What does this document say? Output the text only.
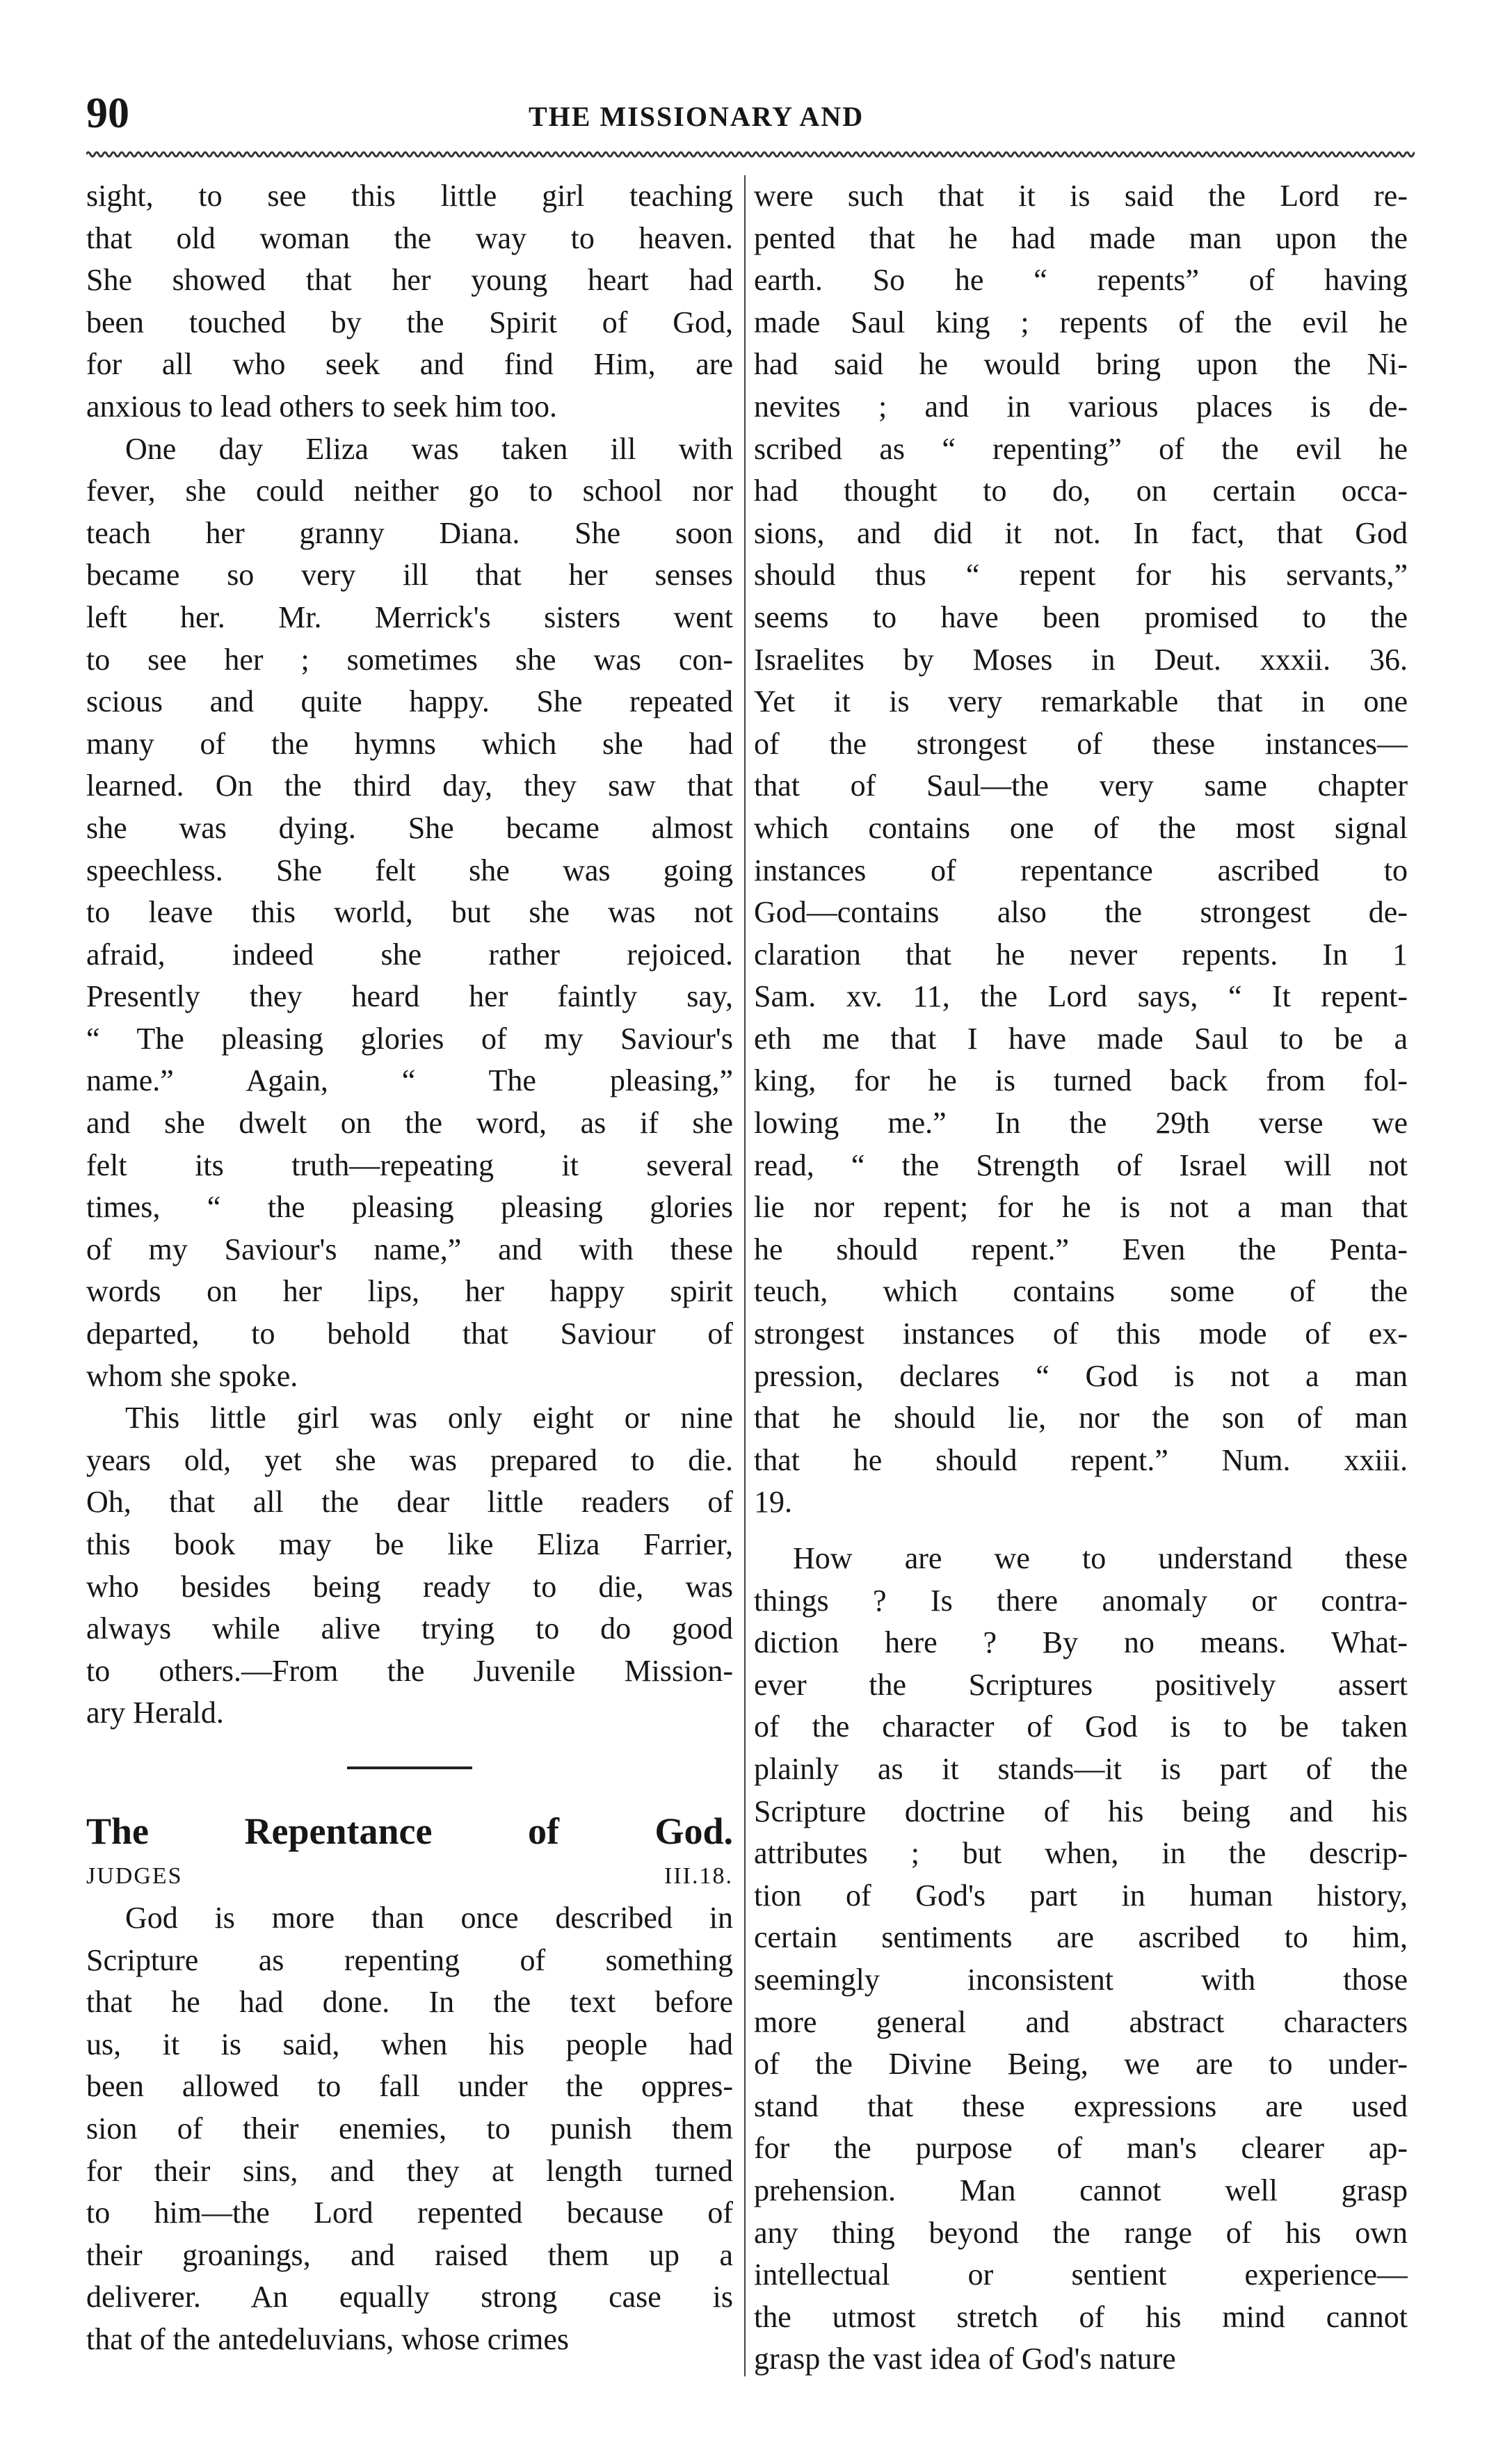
90	THE MISSIONARY AND

sight, to see this little girl teaching
that old woman the way to heaven.
She showed that her young heart had
been touched by the Spirit of God,
for all who seek and find Him, are
anxious to lead others to seek him too.

One day Eliza was taken ill with
fever, she could neither go to school nor
teach her granny Diana. She soon
became so very ill that her senses
left her. Mr. Merrick's sisters went
to see her ; sometimes she was con-
scious and quite happy. She repeated
many of the hymns which she had
learned. On the third day, they saw that
she was dying. She became almost
speechless. She felt she was going
to leave this world, but she was not
afraid, indeed she rather rejoiced.
Presently they heard her faintly say,
“ The pleasing glories of my Saviour's
name.” Again, “ The pleasing,”
and she dwelt on the word, as if she
felt its truth—repeating it several
times, “ the pleasing pleasing glories
of my Saviour's name,” and with these
words on her lips, her happy spirit
departed, to behold that Saviour of
whom she spoke.

This little girl was only eight or nine
years old, yet she was prepared to die.
Oh, that all the dear little readers of
this book may be like Eliza Farrier,
who besides being ready to die, was
always while alive trying to do good
to others.—From the Juvenile Mission-
ary Herald.

The Repentance of God.

JUDGES III.18.

God is more than once described in
Scripture as repenting of something
that he had done. In the text before
us, it is said, when his people had
been allowed to fall under the oppres-
sion of their enemies, to punish them
for their sins, and they at length turned
to him—the Lord repented because of
their groanings, and raised them up a
deliverer. An equally strong case is
that of the antedeluvians, whose crimes

were such that it is said the Lord re-
pented that he had made man upon the
earth. So he “ repents” of having
made Saul king ; repents of the evil he
had said he would bring upon the Ni-
nevites ; and in various places is de-
scribed as “ repenting” of the evil he
had thought to do, on certain occa-
sions, and did it not. In fact, that God
should thus “ repent for his servants,”
seems to have been promised to the
Israelites by Moses in Deut. xxxii. 36.
Yet it is very remarkable that in one
of the strongest of these instances—
that of Saul—the very same chapter
which contains one of the most signal
instances of repentance ascribed to
God—contains also the strongest de-
claration that he never repents. In 1
Sam. xv. 11, the Lord says, “ It repent-
eth me that I have made Saul to be a
king, for he is turned back from fol-
lowing me.” In the 29th verse we
read, “ the Strength of Israel will not
lie nor repent; for he is not a man that
he should repent.” Even the Penta-
teuch, which contains some of the
strongest instances of this mode of ex-
pression, declares “ God is not a man
that he should lie, nor the son of man
that he should repent.” Num. xxiii.
19.

How are we to understand these
things ? Is there anomaly or contra-
diction here ? By no means. What-
ever the Scriptures positively assert
of the character of God is to be taken
plainly as it stands—it is part of the
Scripture doctrine of his being and his
attributes ; but when, in the descrip-
tion of God's part in human history,
certain sentiments are ascribed to him,
seemingly inconsistent with those
more general and abstract characters
of the Divine Being, we are to under-
stand that these expressions are used
for the purpose of man's clearer ap-
prehension. Man cannot well grasp
any thing beyond the range of his own
intellectual or sentient experience—
the utmost stretch of his mind cannot
grasp the vast idea of God's nature
